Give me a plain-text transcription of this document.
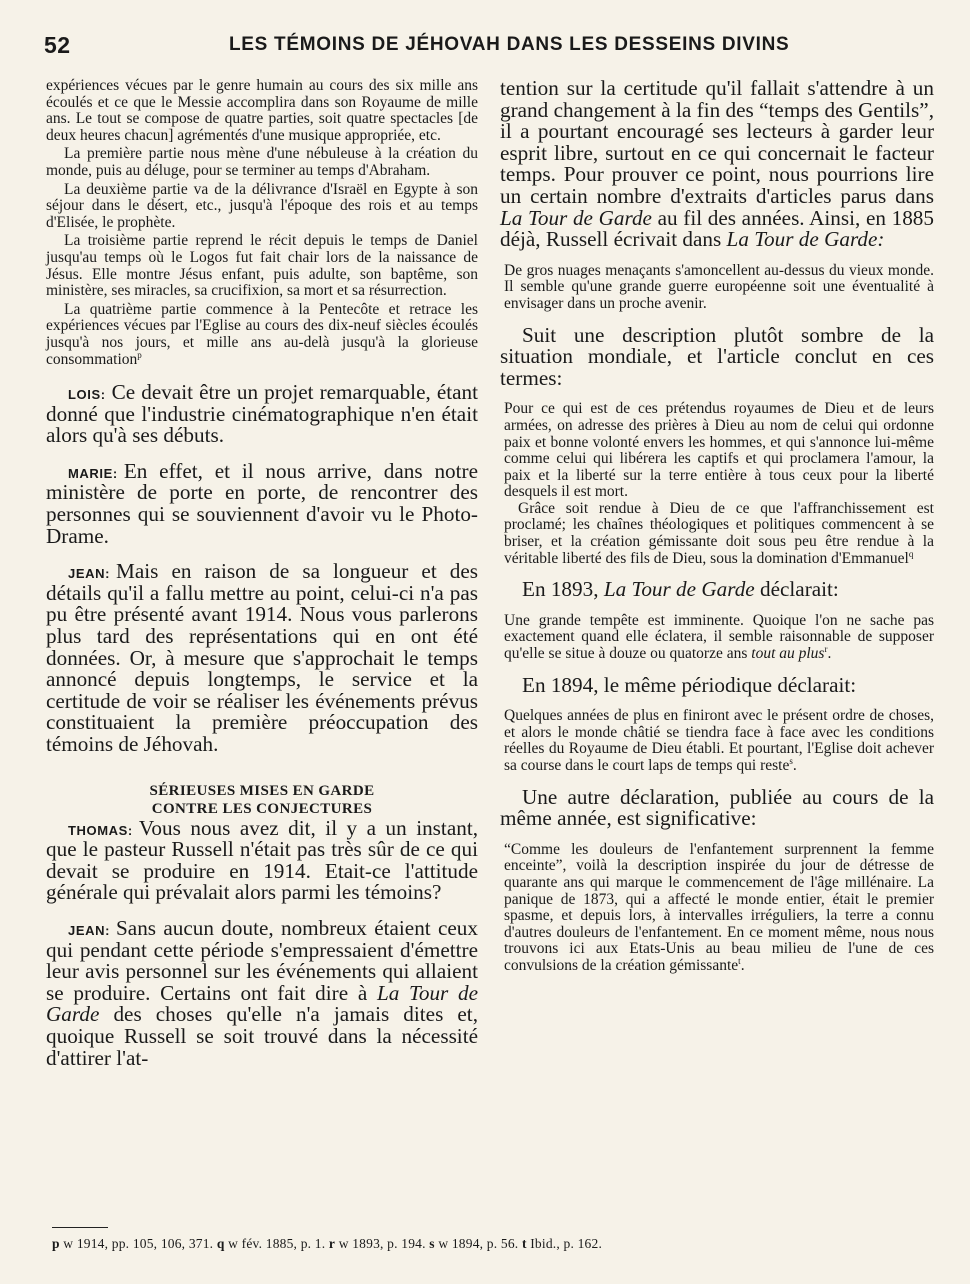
52	LES TÉMOINS DE JÉHOVAH DANS LES DESSEINS DIVINS

expériences vécues par le genre humain au cours des six mille ans écoulés et ce que le Messie accomplira dans son Royaume de mille ans. Le tout se compose de quatre parties, soit quatre spectacles [de deux heures chacun] agrémentés d'une musique appropriée, etc.

La première partie nous mène d'une nébuleuse à la création du monde, puis au déluge, pour se terminer au temps d'Abraham.

La deuxième partie va de la délivrance d'Israël en Egypte à son séjour dans le désert, etc., jusqu'à l'époque des rois et au temps d'Elisée, le prophète.

La troisième partie reprend le récit depuis le temps de Daniel jusqu'au temps où le Logos fut fait chair lors de la naissance de Jésus. Elle montre Jésus enfant, puis adulte, son baptême, son ministère, ses miracles, sa crucifixion, sa mort et sa résurrection.

La quatrième partie commence à la Pentecôte et retrace les expériences vécues par l'Eglise au cours des dix-neuf siècles écoulés jusqu'à nos jours, et mille ans au-delà jusqu'à la glorieuse consommation$^p$

LOIS: Ce devait être un projet remarquable, étant donné que l'industrie cinématographique n'en était alors qu'à ses débuts.

MARIE: En effet, et il nous arrive, dans notre ministère de porte en porte, de rencontrer des personnes qui se souviennent d'avoir vu le Photo-Drame.

JEAN: Mais en raison de sa longueur et des détails qu'il a fallu mettre au point, celui-ci n'a pas pu être présenté avant 1914. Nous vous parlerons plus tard des représentations qui en ont été données. Or, à mesure que s'approchait le temps annoncé depuis longtemps, le service et la certitude de voir se réaliser les événements prévus constituaient la première préoccupation des témoins de Jéhovah.

SÉRIEUSES MISES EN GARDE
CONTRE LES CONJECTURES

THOMAS: Vous nous avez dit, il y a un instant, que le pasteur Russell n'était pas très sûr de ce qui devait se produire en 1914. Etait-ce l'attitude générale qui prévalait alors parmi les témoins?

JEAN: Sans aucun doute, nombreux étaient ceux qui pendant cette période s'empressaient d'émettre leur avis personnel sur les événements qui allaient se produire. Certains ont fait dire à La Tour de Garde des choses qu'elle n'a jamais dites et, quoique Russell se soit trouvé dans la nécessité d'attirer l'at-

tention sur la certitude qu'il fallait s'attendre à un grand changement à la fin des “temps des Gentils”, il a pourtant encouragé ses lecteurs à garder leur esprit libre, surtout en ce qui concernait le facteur temps. Pour prouver ce point, nous pourrions lire un certain nombre d'extraits d'articles parus dans La Tour de Garde au fil des années. Ainsi, en 1885 déjà, Russell écrivait dans La Tour de Garde:

De gros nuages menaçants s'amoncellent au-dessus du vieux monde. Il semble qu'une grande guerre européenne soit une éventualité à envisager dans un proche avenir.

Suit une description plutôt sombre de la situation mondiale, et l'article conclut en ces termes:

Pour ce qui est de ces prétendus royaumes de Dieu et de leurs armées, on adresse des prières à Dieu au nom de celui qui ordonne paix et bonne volonté envers les hommes, et qui s'annonce lui-même comme celui qui libérera les captifs et qui proclamera l'amour, la paix et la liberté sur la terre entière à tous ceux pour la liberté desquels il est mort.

Grâce soit rendue à Dieu de ce que l'affranchissement est proclamé; les chaînes théologiques et politiques commencent à se briser, et la création gémissante doit sous peu être rendue à la véritable liberté des fils de Dieu, sous la domination d'Emmanuel$^q$

En 1893, La Tour de Garde déclarait:

Une grande tempête est imminente. Quoique l'on ne sache pas exactement quand elle éclatera, il semble raisonnable de supposer qu'elle se situe à douze ou quatorze ans tout au plus$^r$.

En 1894, le même périodique déclarait:

Quelques années de plus en finiront avec le présent ordre de choses, et alors le monde châtié se tiendra face à face avec les conditions réelles du Royaume de Dieu établi. Et pourtant, l'Eglise doit achever sa course dans le court laps de temps qui reste$^s$.

Une autre déclaration, publiée au cours de la même année, est significative:

“Comme les douleurs de l'enfantement surprennent la femme enceinte”, voilà la description inspirée du jour de détresse de quarante ans qui marque le commencement de l'âge millénaire. La panique de 1873, qui a affecté le monde entier, était le premier spasme, et depuis lors, à intervalles irréguliers, la terre a connu d'autres douleurs de l'enfantement. En ce moment même, nous nous trouvons ici aux Etats-Unis au beau milieu de l'une de ces convulsions de la création gémissante$^t$.

p w 1914, pp. 105, 106, 371. q w fév. 1885, p. 1. r w 1893, p. 194. s w 1894, p. 56. t Ibid., p. 162.
